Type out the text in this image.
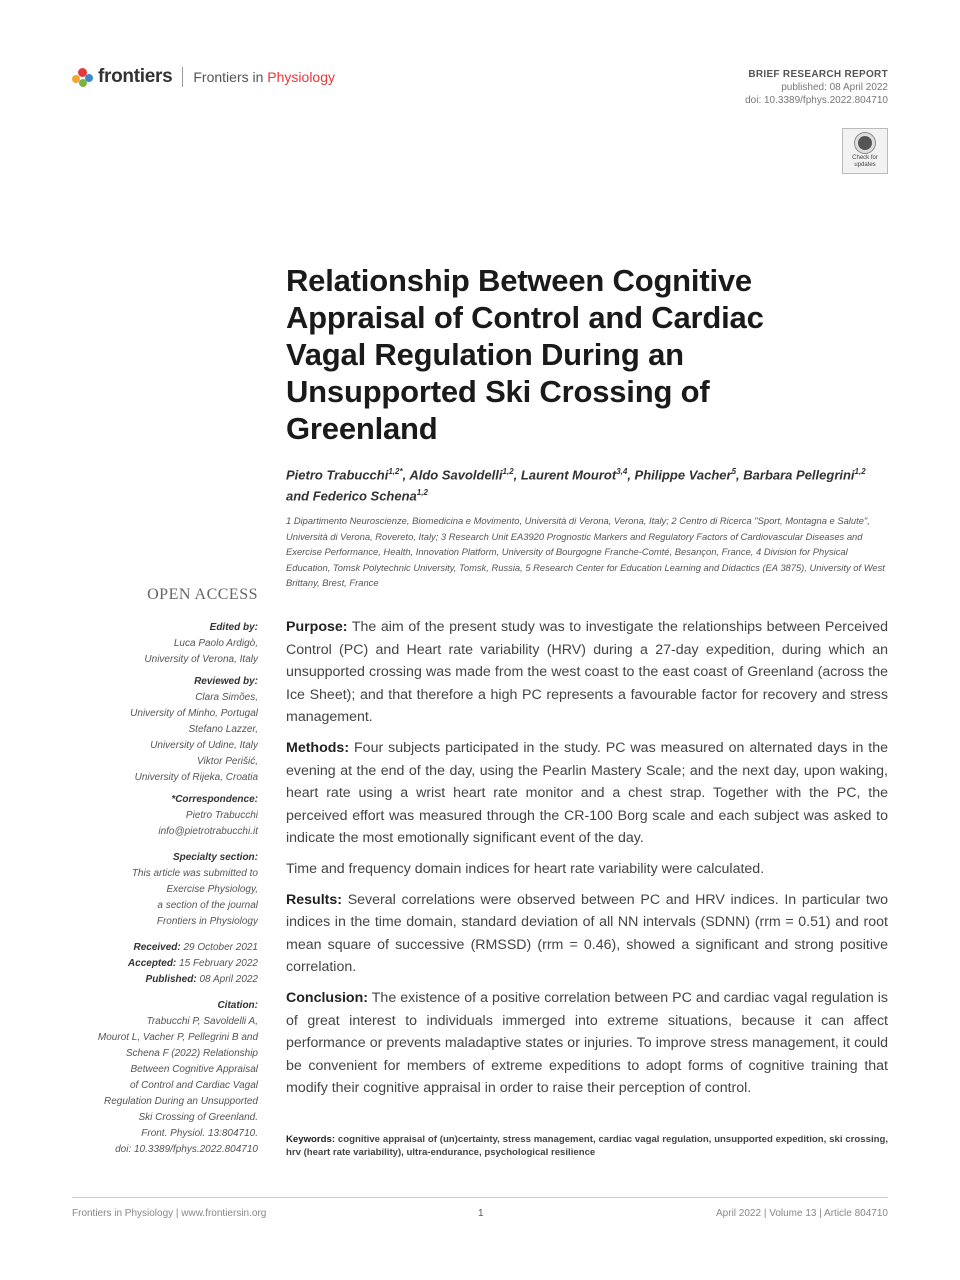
frontiers Frontiers in Physiology	BRIEF RESEARCH REPORT
published: 08 April 2022
doi: 10.3389/fphys.2022.804710
Check for updates
Relationship Between Cognitive Appraisal of Control and Cardiac Vagal Regulation During an Unsupported Ski Crossing of Greenland
Pietro Trabucchi$^{1,2*}$, Aldo Savoldelli$^{1,2}$, Laurent Mourot$^{3,4}$, Philippe Vacher$^5$, Barbara Pellegrini$^{1,2}$ and Federico Schena$^{1,2}$
1 Dipartimento Neuroscienze, Biomedicina e Movimento, Università di Verona, Verona, Italy; 2 Centro di Ricerca "Sport, Montagna e Salute", Università di Verona, Rovereto, Italy; 3 Research Unit EA3920 Prognostic Markers and Regulatory Factors of Cardiovascular Diseases and Exercise Performance, Health, Innovation Platform, University of Bourgogne Franche-Comté, Besançon, France, 4 Division for Physical Education, Tomsk Polytechnic University, Tomsk, Russia, 5 Research Center for Education Learning and Didactics (EA 3875), University of West Brittany, Brest, France
OPEN ACCESS
Edited by:
Luca Paolo Ardigò,
University of Verona, Italy
Reviewed by:
Clara Simões,
University of Minho, Portugal
Stefano Lazzer,
University of Udine, Italy
Viktor Perišić,
University of Rijeka, Croatia
*Correspondence:
Pietro Trabucchi
info@pietrotrabucchi.it
Specialty section:
This article was submitted to
Exercise Physiology,
a section of the journal
Frontiers in Physiology
Received: 29 October 2021
Accepted: 15 February 2022
Published: 08 April 2022
Citation:
Trabucchi P, Savoldelli A,
Mourot L, Vacher P, Pellegrini B and
Schena F (2022) Relationship
Between Cognitive Appraisal
of Control and Cardiac Vagal
Regulation During an Unsupported
Ski Crossing of Greenland.
Front. Physiol. 13:804710.
doi: 10.3389/fphys.2022.804710

Purpose: The aim of the present study was to investigate the relationships between Perceived Control (PC) and Heart rate variability (HRV) during a 27-day expedition, during which an unsupported crossing was made from the west coast to the east coast of Greenland (across the Ice Sheet); and that therefore a high PC represents a favourable factor for recovery and stress management.

Methods: Four subjects participated in the study. PC was measured on alternated days in the evening at the end of the day, using the Pearlin Mastery Scale; and the next day, upon waking, heart rate using a wrist heart rate monitor and a chest strap. Together with the PC, the perceived effort was measured through the CR-100 Borg scale and each subject was asked to indicate the most emotionally significant event of the day.

Time and frequency domain indices for heart rate variability were calculated.

Results: Several correlations were observed between PC and HRV indices. In particular two indices in the time domain, standard deviation of all NN intervals (SDNN) (rrm = 0.51) and root mean square of successive (RMSSD) (rrm = 0.46), showed a significant and strong positive correlation.

Conclusion: The existence of a positive correlation between PC and cardiac vagal regulation is of great interest to individuals immerged into extreme situations, because it can affect performance or prevents maladaptive states or injuries. To improve stress management, it could be convenient for members of extreme expeditions to adopt forms of cognitive training that modify their cognitive appraisal in order to raise their perception of control.

Keywords: cognitive appraisal of (un)certainty, stress management, cardiac vagal regulation, unsupported expedition, ski crossing, hrv (heart rate variability), ultra-endurance, psychological resilience
Frontiers in Physiology | www.frontiersin.org	1	April 2022 | Volume 13 | Article 804710
